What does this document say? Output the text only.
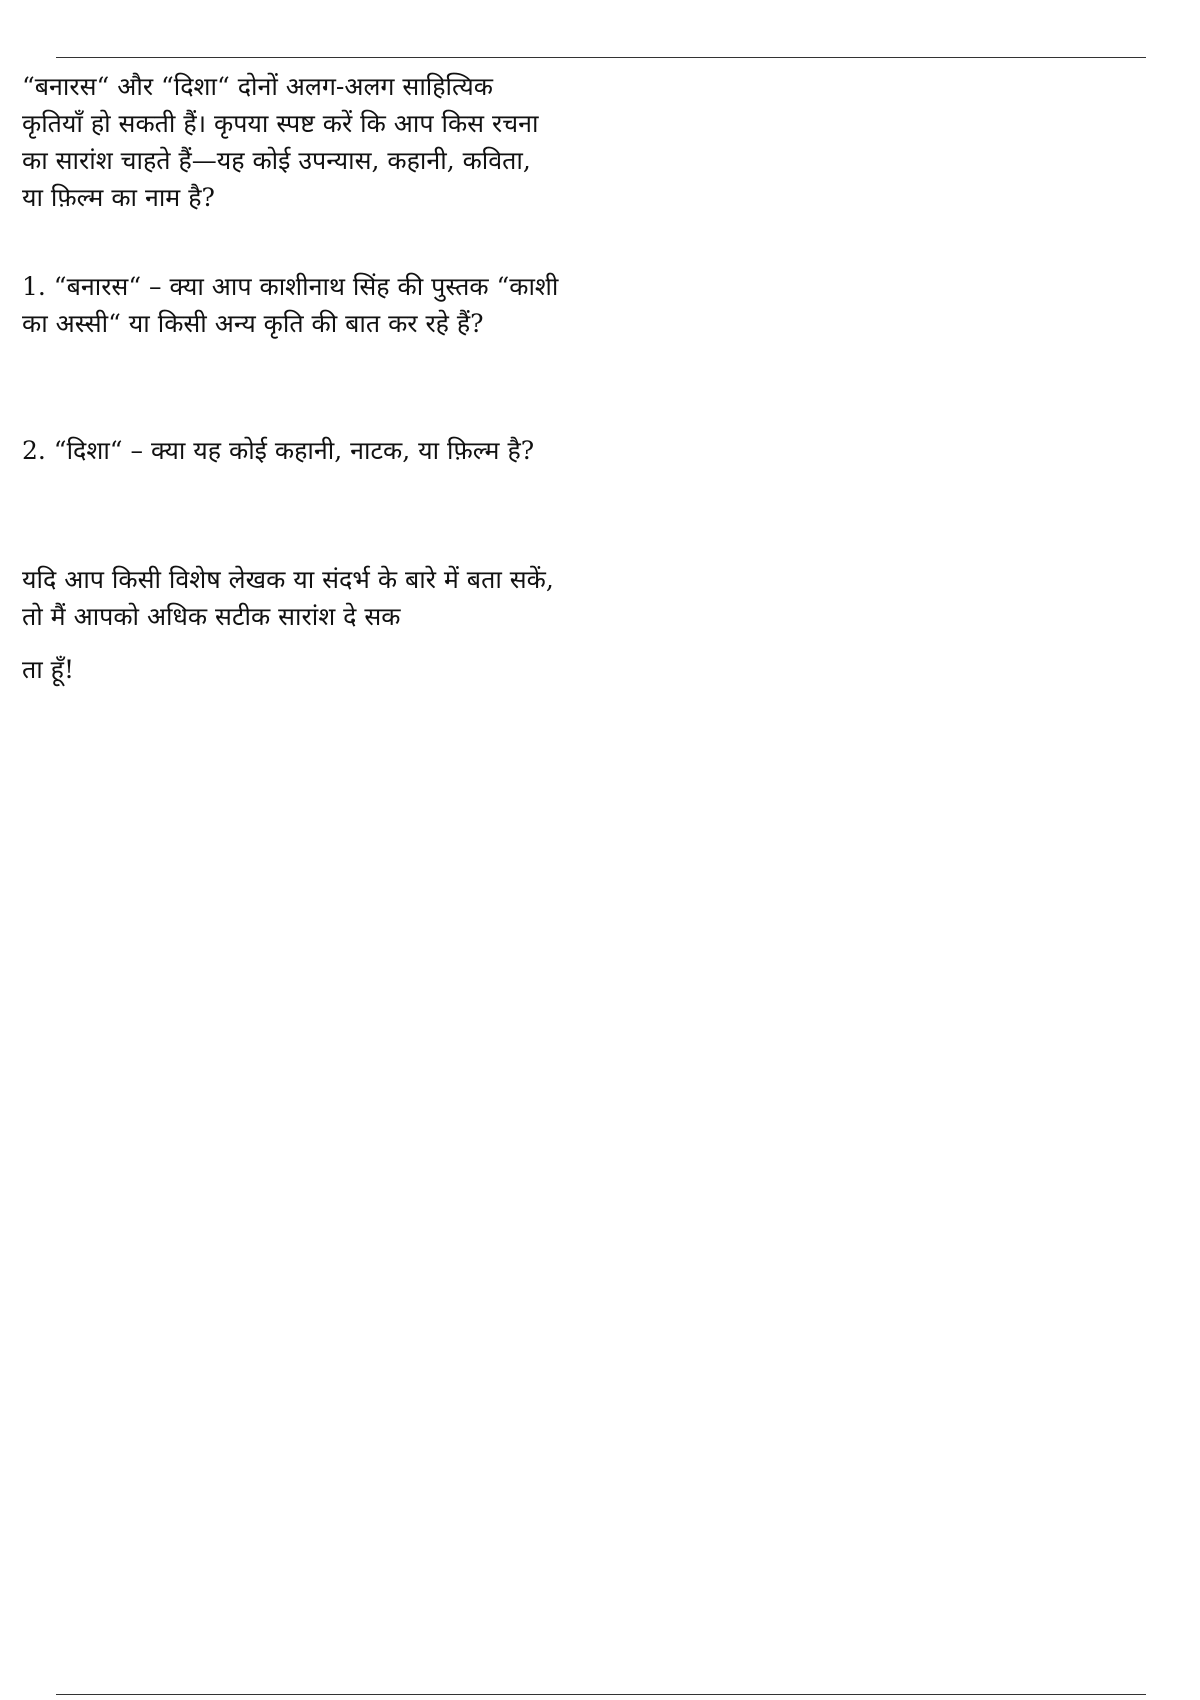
“बनारस“ और “दिशा“ दोनों अलग-अलग साहित्यिक
कृतियाँ हो सकती हैं। कृपया स्पष्ट करें कि आप किस रचना
का सारांश चाहते हैं—यह कोई उपन्यास, कहानी, कविता,
या फ़िल्म का नाम है?

1. “बनारस“ – क्या आप काशीनाथ सिंह की पुस्तक “काशी
का अस्सी“ या किसी अन्य कृति की बात कर रहे हैं?

2. “दिशा“ – क्या यह कोई कहानी, नाटक, या फ़िल्म है?

यदि आप किसी विशेष लेखक या संदर्भ के बारे में बता सकें,
तो मैं आपको अधिक सटीक सारांश दे सक
ता हूँ!
